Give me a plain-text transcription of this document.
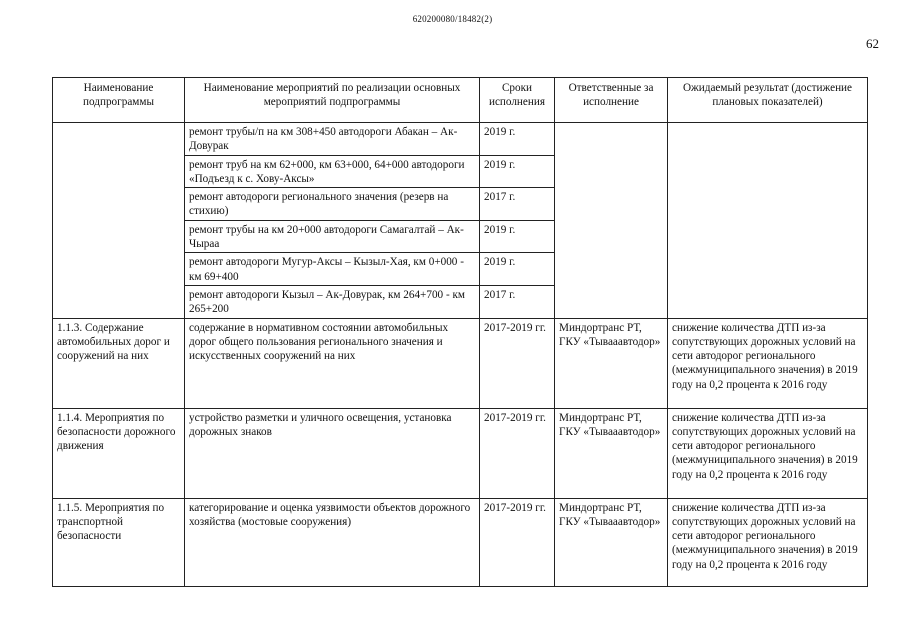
620200080/18482(2)
62
Наименование подпрограммы	Наименование мероприятий по реализации основных мероприятий подпрограммы	Сроки исполнения	Ответственные за исполнение	Ожидаемый результат (достижение плановых показателей)
	ремонт трубы/п на км 308+450 автодороги Абакан – Ак-Довурак	2019 г.		
	ремонт труб на км 62+000, км 63+000, 64+000 автодороги «Подъезд к с. Хову-Аксы»	2019 г.		
	ремонт автодороги регионального значения (резерв на стихию)	2017 г.		
	ремонт трубы на км 20+000 автодороги Самагалтай – Ак-Чыраа	2019 г.		
	ремонт автодороги Мугур-Аксы – Кызыл-Хая, км 0+000 - км 69+400	2019 г.		
	ремонт автодороги Кызыл – Ак-Довурак, км 264+700 - км 265+200	2017 г.		
1.1.3. Содержание автомобильных дорог и сооружений на них	содержание в нормативном состоянии автомобильных дорог общего пользования регионального значения и искусственных сооружений на них	2017-2019 гг.	Миндортранс РТ, ГКУ «Тывааавтодор»	снижение количества ДТП из-за сопутствующих дорожных условий на сети автодорог регионального (межмуниципального значения) в 2019 году на 0,2 процента к 2016 году
1.1.4. Мероприятия по безопасности дорожного движения	устройство разметки и уличного освещения, установка дорожных знаков	2017-2019 гг.	Миндортранс РТ, ГКУ «Тывааавтодор»	снижение количества ДТП из-за сопутствующих дорожных условий на сети автодорог регионального (межмуниципального значения) в 2019 году на 0,2 процента к 2016 году
1.1.5. Мероприятия по транспортной безопасности	категорирование и оценка уязвимости объектов дорожного хозяйства (мостовые сооружения)	2017-2019 гг.	Миндортранс РТ, ГКУ «Тывааавтодор»	снижение количества ДТП из-за сопутствующих дорожных условий на сети автодорог регионального (межмуниципального значения) в 2019 году на 0,2 процента к 2016 году
